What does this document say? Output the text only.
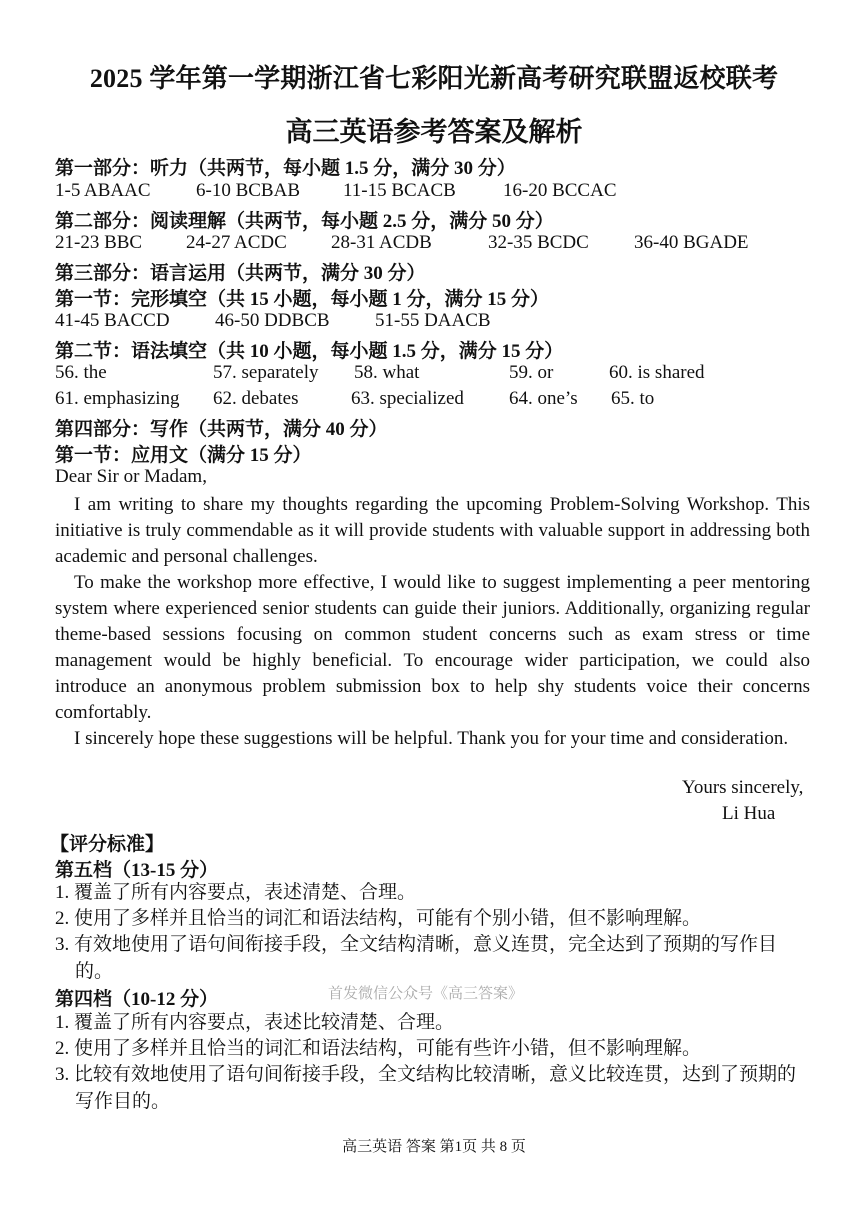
2025 学年第一学期浙江省七彩阳光新高考研究联盟返校联考
高三英语参考答案及解析
第一部分：听力（共两节，每小题 1.5 分，满分 30 分）
1-5 ABAAC 6-10 BCBAB 11-15 BCACB 16-20 BCCAC
第二部分：阅读理解（共两节，每小题 2.5 分，满分 50 分）
21-23 BBC 24-27 ACDC 28-31 ACDB	32-35 BCDC 36-40 BGADE
第三部分：语言运用（共两节，满分 30 分）
第一节：完形填空（共 15 小题，每小题 1 分，满分 15 分）
41-45 BACCD 46-50 DDBCB 51-55 DAACB
第二节：语法填空（共 10 小题，每小题 1.5 分，满分 15 分）
56. the	57. separately 58. what	59. or	60. is shared
61. emphasizing 62. debates	63. specialized 64. one’s 65. to
第四部分：写作（共两节，满分 40 分）
第一节：应用文（满分 15 分）
Dear Sir or Madam,
I am writing to share my thoughts regarding the upcoming Problem-Solving Workshop. This initiative is truly commendable as it will provide students with valuable support in addressing both academic and personal challenges.
To make the workshop more effective, I would like to suggest implementing a peer mentoring system where experienced senior students can guide their juniors. Additionally, organizing regular theme-based sessions focusing on common student concerns such as exam stress or time management would be highly beneficial. To encourage wider participation, we could also introduce an anonymous problem submission box to help shy students voice their concerns comfortably.
I sincerely hope these suggestions will be helpful. Thank you for your time and consideration.
Yours sincerely,
Li Hua
【评分标准】
第五档（13-15 分）
1. 覆盖了所有内容要点，表述清楚、合理。
2. 使用了多样并且恰当的词汇和语法结构，可能有个别小错，但不影响理解。
3. 有效地使用了语句间衔接手段，全文结构清晰，意义连贯，完全达到了预期的写作目的。
第四档（10-12 分）	首发微信公众号《高三答案》
1. 覆盖了所有内容要点，表述比较清楚、合理。
2. 使用了多样并且恰当的词汇和语法结构，可能有些许小错，但不影响理解。
3. 比较有效地使用了语句间衔接手段，全文结构比较清晰，意义比较连贯，达到了预期的写作目的。
高三英语 答案 第1页 共 8 页
